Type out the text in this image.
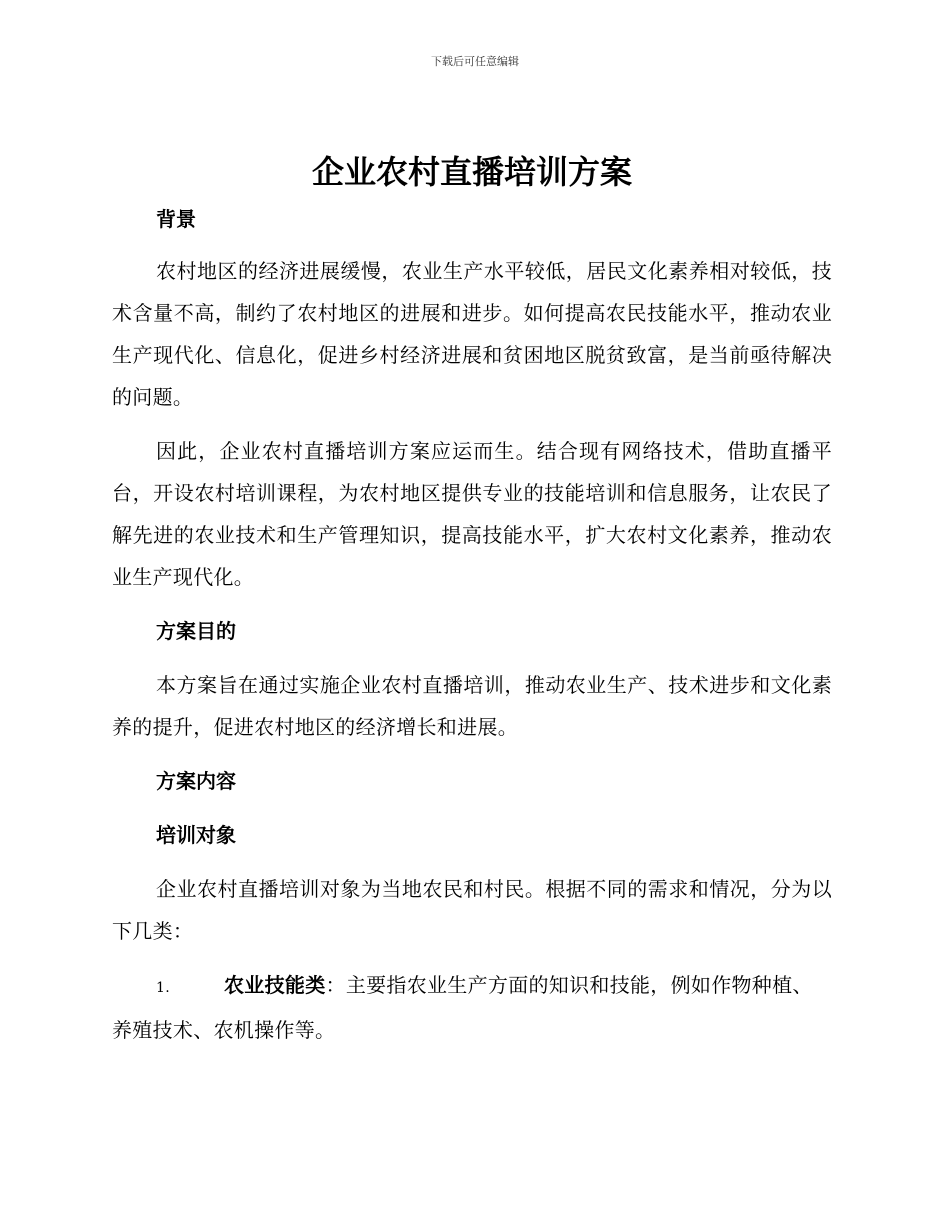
下载后可任意编辑
企业农村直播培训方案
背景

农村地区的经济进展缓慢，农业生产水平较低，居民文化素养相对较低，技术含量不高，制约了农村地区的进展和进步。如何提高农民技能水平，推动农业生产现代化、信息化，促进乡村经济进展和贫困地区脱贫致富，是当前亟待解决的问题。

因此，企业农村直播培训方案应运而生。结合现有网络技术，借助直播平台，开设农村培训课程，为农村地区提供专业的技能培训和信息服务，让农民了解先进的农业技术和生产管理知识，提高技能水平，扩大农村文化素养，推动农业生产现代化。

方案目的

本方案旨在通过实施企业农村直播培训，推动农业生产、技术进步和文化素养的提升，促进农村地区的经济增长和进展。

方案内容
培训对象

企业农村直播培训对象为当地农民和村民。根据不同的需求和情况，分为以下几类：

1.	农业技能类：主要指农业生产方面的知识和技能，例如作物种植、养殖技术、农机操作等。
